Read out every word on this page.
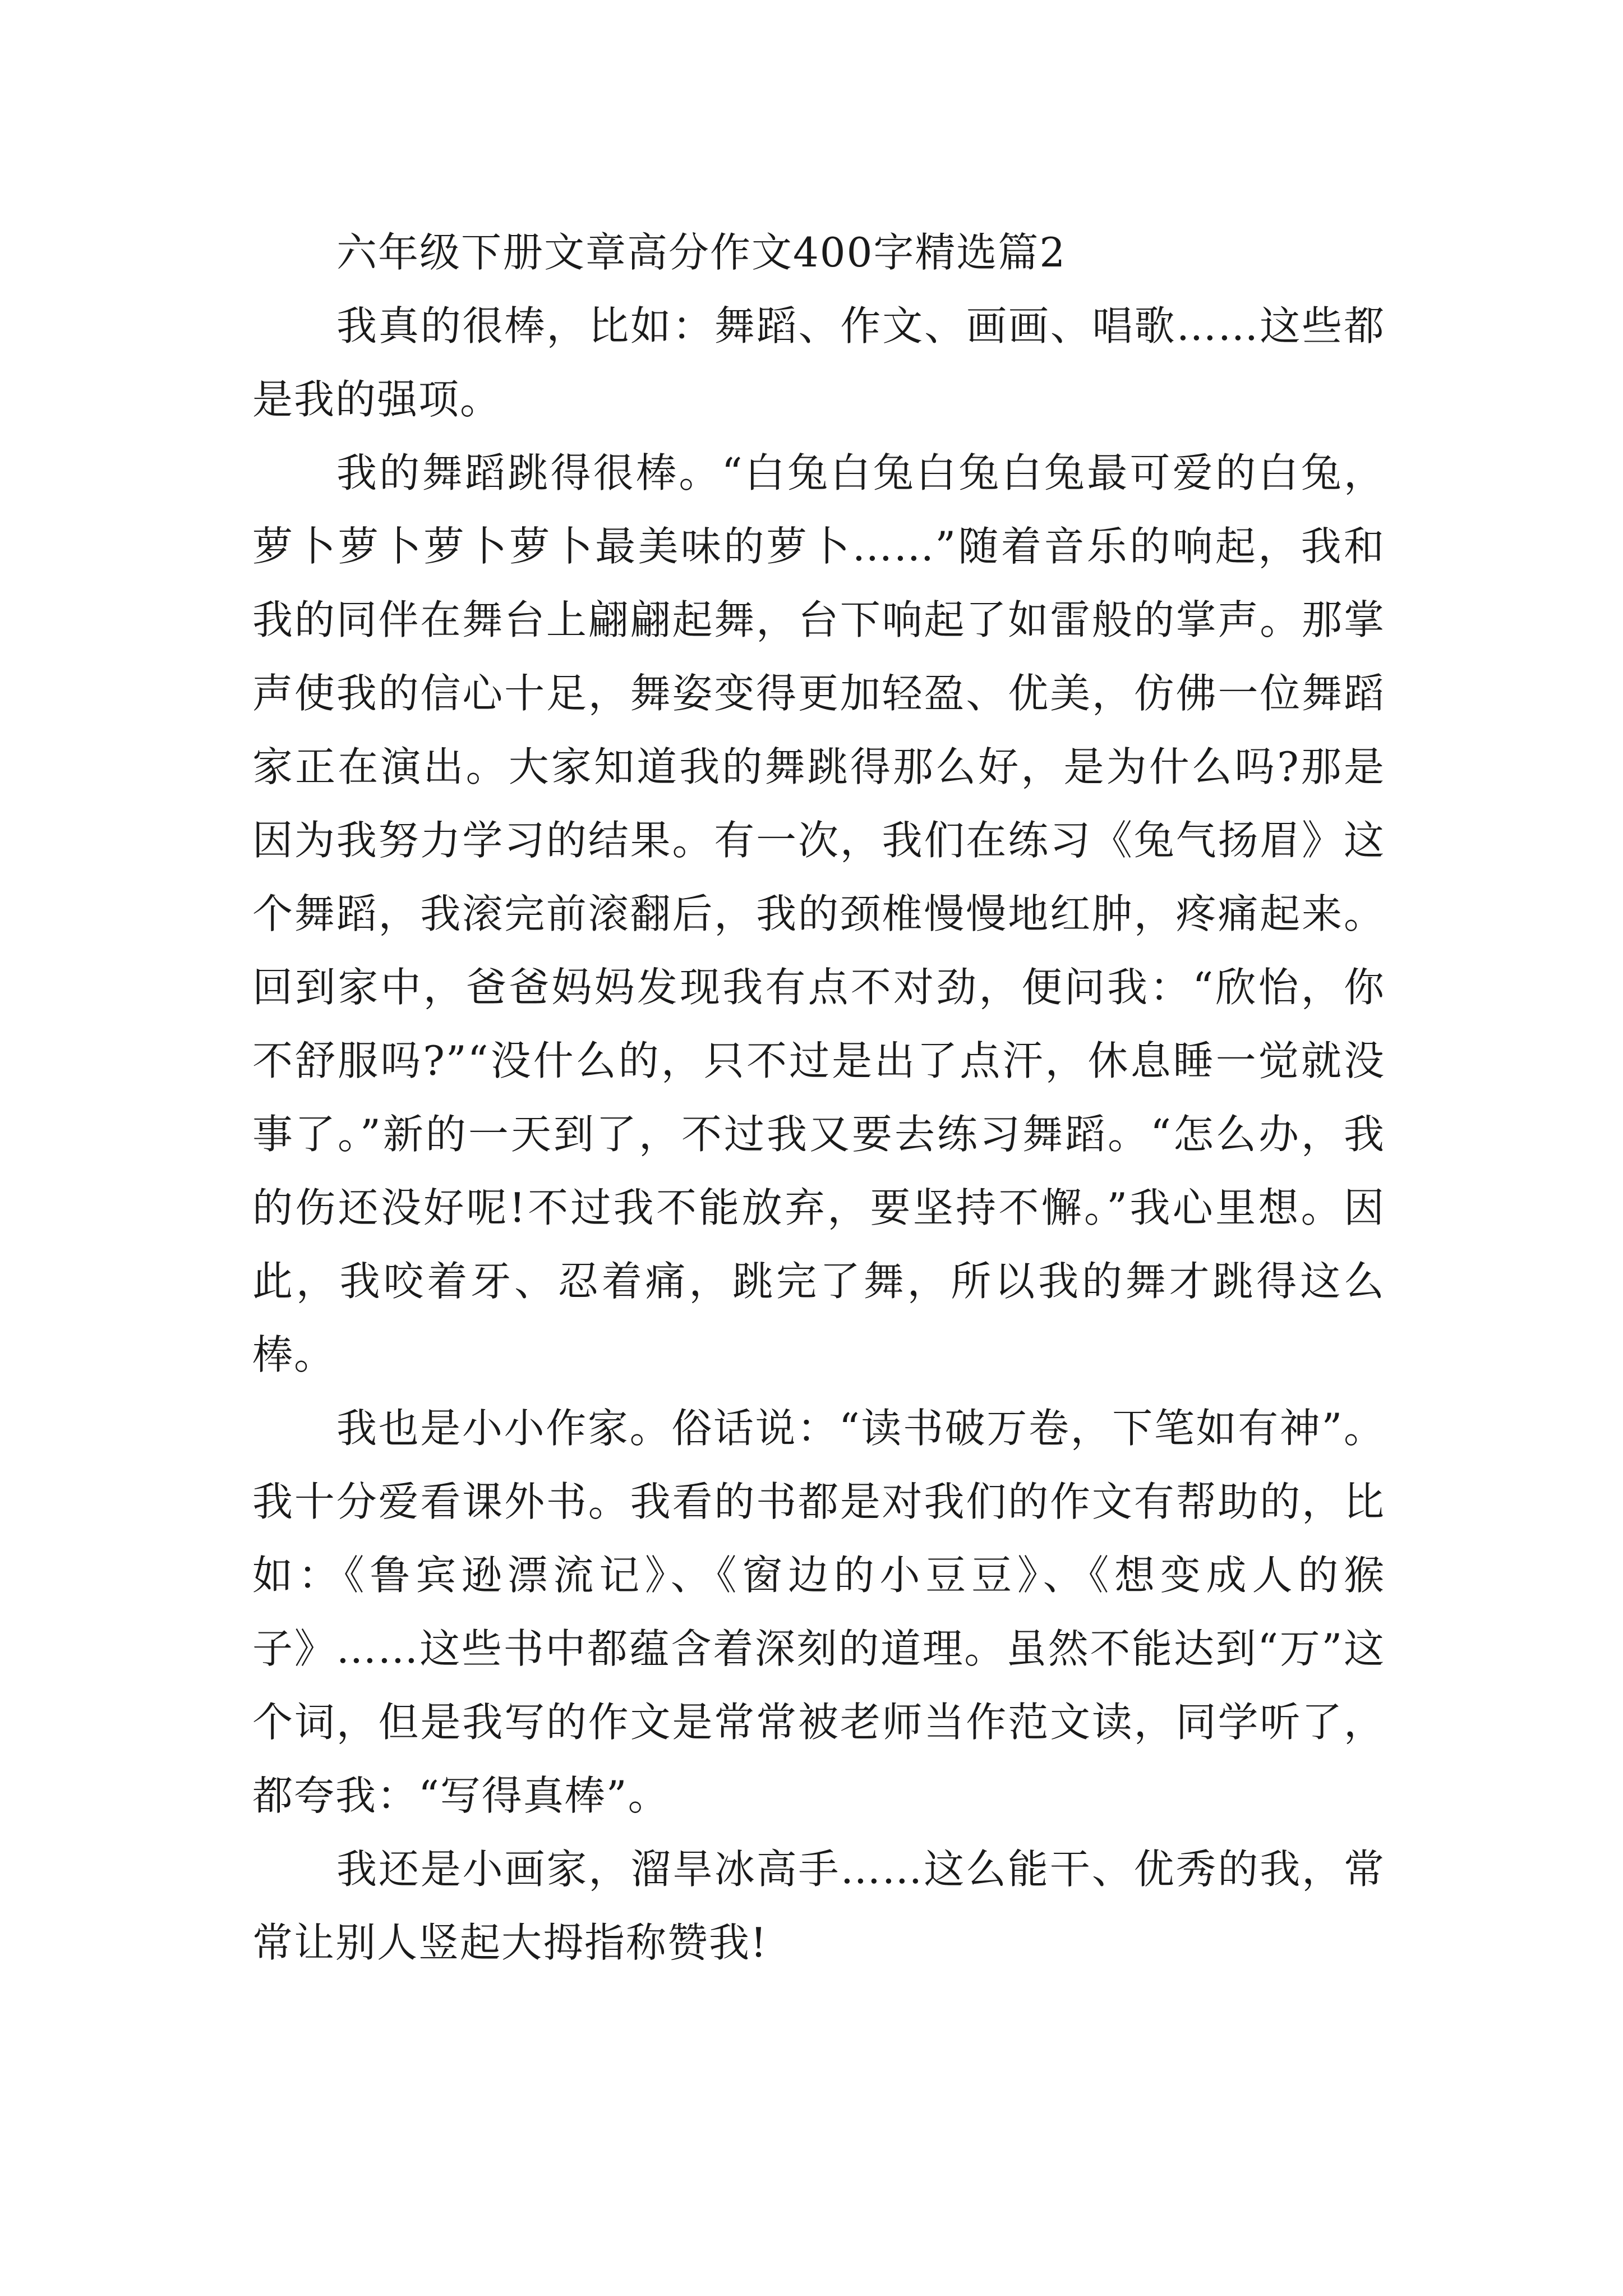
六年级下册文章高分作文400字精选篇2

我真的很棒，比如：舞蹈、作文、画画、唱歌……这些都是我的强项。

我的舞蹈跳得很棒。“白兔白兔白兔白兔最可爱的白兔，萝卜萝卜萝卜萝卜最美味的萝卜……”随着音乐的响起，我和我的同伴在舞台上翩翩起舞，台下响起了如雷般的掌声。那掌声使我的信心十足，舞姿变得更加轻盈、优美，仿佛一位舞蹈家正在演出。大家知道我的舞跳得那么好，是为什么吗?那是因为我努力学习的结果。有一次，我们在练习《兔气扬眉》这个舞蹈，我滚完前滚翻后，我的颈椎慢慢地红肿，疼痛起来。回到家中，爸爸妈妈发现我有点不对劲，便问我：“欣怡，你不舒服吗?”“没什么的，只不过是出了点汗，休息睡一觉就没事了。”新的一天到了，不过我又要去练习舞蹈。“怎么办，我的伤还没好呢!不过我不能放弃，要坚持不懈。”我心里想。因此，我咬着牙、忍着痛，跳完了舞，所以我的舞才跳得这么棒。

我也是小小作家。俗话说：“读书破万卷，下笔如有神”。我十分爱看课外书。我看的书都是对我们的作文有帮助的，比如：《鲁宾逊漂流记》、《窗边的小豆豆》、《想变成人的猴子》……这些书中都蕴含着深刻的道理。虽然不能达到“万”这个词，但是我写的作文是常常被老师当作范文读，同学听了，都夸我：“写得真棒”。

我还是小画家，溜旱冰高手……这么能干、优秀的我，常常让别人竖起大拇指称赞我!
